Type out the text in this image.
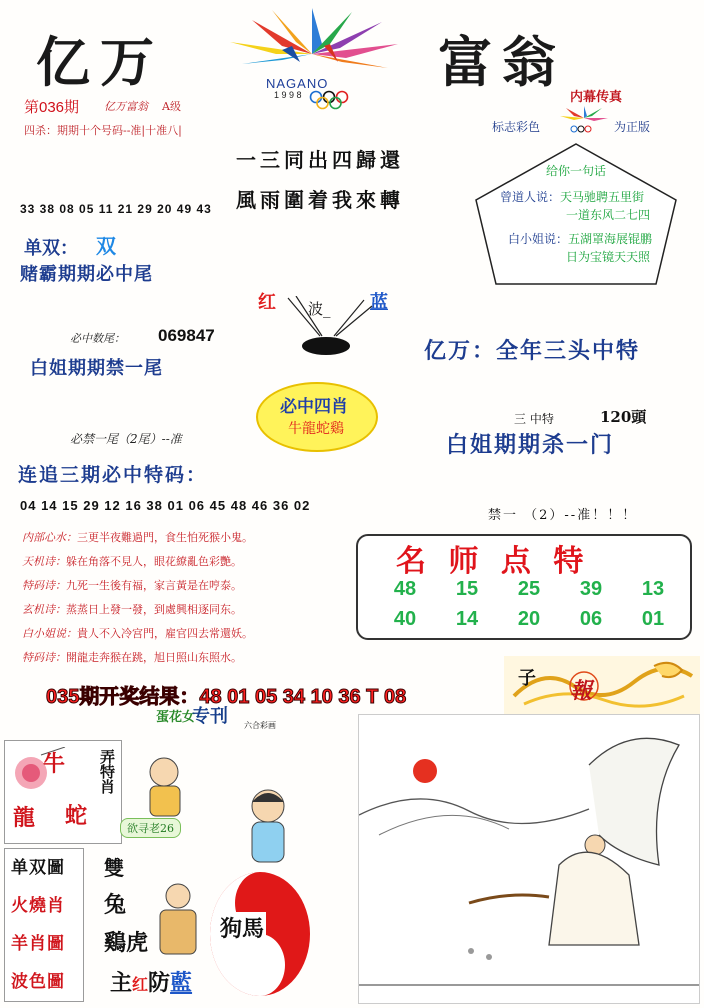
亿万	富翁
NAGANO
1 9 9 8
第036期 亿万富翁 A级
四杀：期期十个号码--准|十准八|
内幕传真
标志彩色	为正版
一三同出四歸還
風雨圍着我來轉
给你一句话
曾道人说：天马驰聘五里街
一道东风二七四
白小姐说：五湖罩海展锟鹏
日为宝镜天天照
33 38 08 05 11 21 29 20 49 43
单双： 双
赌霸期期必中尾
红 波_ 蓝
必中数尾： 069847
白姐期期禁一尾
亿万：全年三头中特
必中四肖
牛龍蛇鷄
三 中特	120頭
必禁一尾（2尾）--准	白姐期期杀一门
连追三期必中特码：
04 14 15 29 12 16 38 01 06 45 48 46 36 02
禁一 （2）--准！！！
内部心水：三更半夜難過門，食生怕死猴小鬼。
天机诗：躲在角落不見人，眼花繚亂色彩艷。
特码诗：九死一生後有福，家言黃是在哼泰。
玄机诗：蒸蒸日上發一發，到處興相逐同东。
白小姐说：貴人不入冷宫門，雇官四去常還妖。
特码诗：開龍走奔猴在跳，旭日照山东照水。
名 师 点 特
48	15	25	39	13
40	14	20	06	01
035期开奖结果：48 01 05 34 10 36 T 08
子 報
蛋花女
专刊 六合彩画
牛
龍 蛇
弄特肖
欲寻老26
单双圖
火燒肖
羊肖圖
波色圖
雙
兔
鷄虎
狗馬
主红防藍
